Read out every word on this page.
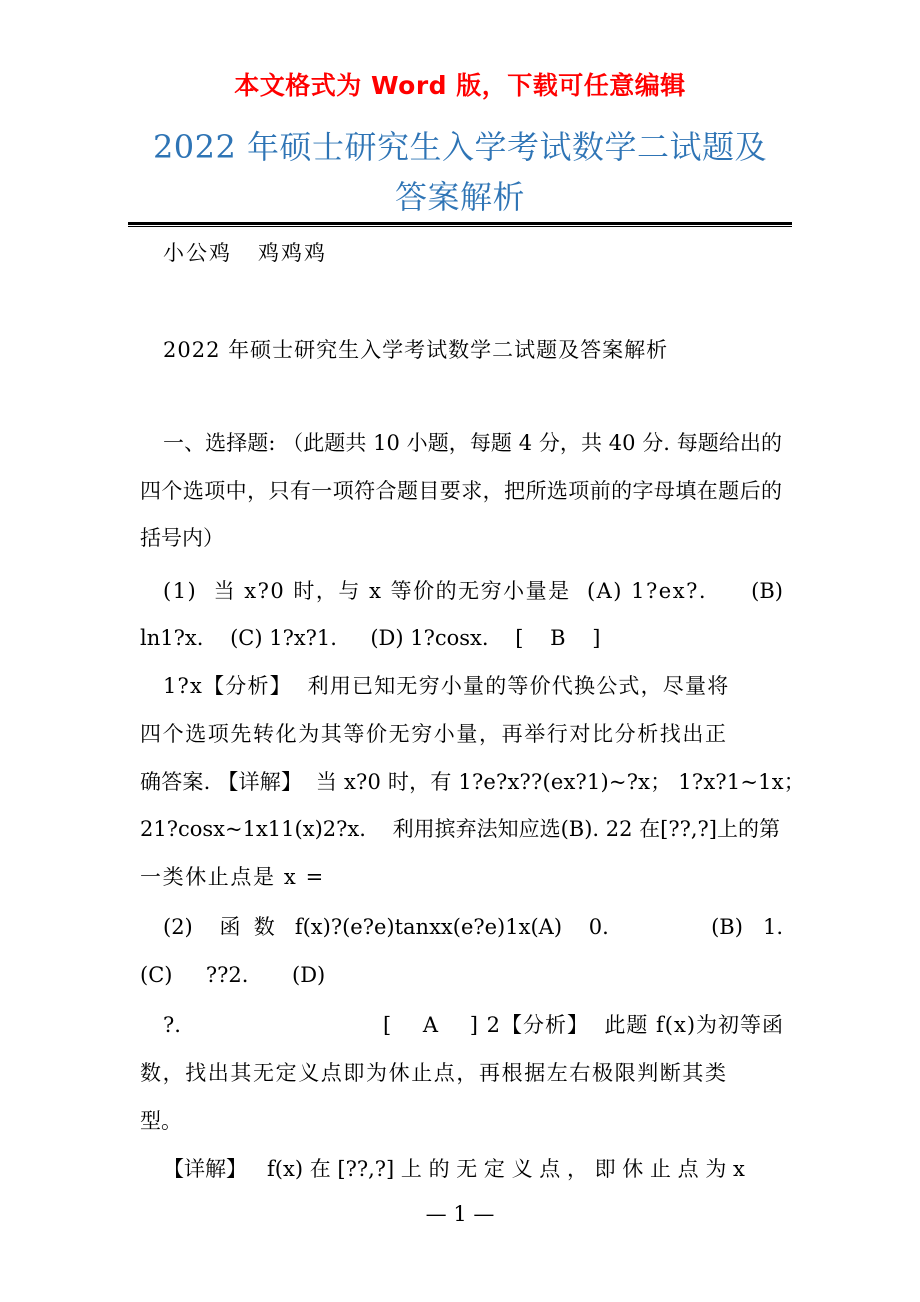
本文格式为 Word 版，下载可任意编辑
2022 年硕士研究生入学考试数学二试题及
答案解析
小公鸡 鸡鸡鸡
2022 年硕士研究生入学考试数学二试题及答案解析
一、选择题: （此题共 10 小题，每题 4 分，共 40 分. 每题给出的四个选项中，只有一项符合题目要求，把所选项前的字母填在题后的括号内）
(1)  当 x?0 时，与 x 等价的无穷小量是  (A) 1?ex?. (B)
ln1?x.    (C) 1?x?1.     (D) 1?cosx.    [    B    ]
1?x【分析】  利用已知无穷小量的等价代换公式，尽量将
四个选项先转化为其等价无穷小量，再举行对比分析找出正
确答案. 【详解】  当 x?0 时，有 1?e?x??(ex?1)~?x； 1?x?1~1x；
21?cosx~1x11(x)2?x.    利用摈弃法知应选(B). 22 在[??,?]上的第
一类休止点是 x =
(2)    函  数   f(x)?(e?e)tanxx(e?e)1x(A)    0.	(B)   1.
(C)     ??2. (D)
?.	[    A    ] 2【分析】  此题 f(x)为初等函
数，找出其无定义点即为休止点，再根据左右极限判断其类
型。
【详解】   f(x) 在 [??,?] 上 的 无 定 义 点 ， 即 休 止 点 为 x
— 1 —
